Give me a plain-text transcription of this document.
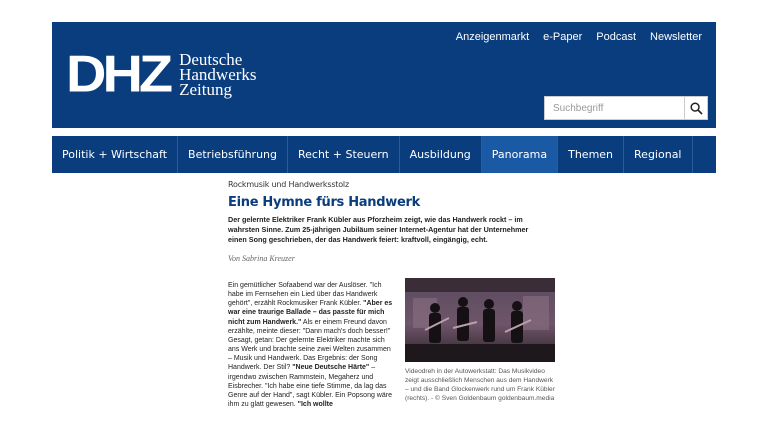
DHZ Deutsche
Handwerks
Zeitung
Anzeigenmarkt e-Paper Podcast Newsletter
Suchbegriff
Politik + Wirtschaft	Betriebsführung	Recht + Steuern	Ausbildung	Panorama	Themen	Regional
Rockmusik und Handwerksstolz
Eine Hymne fürs Handwerk

Der gelernte Elektriker Frank Kübler aus Pforzheim zeigt, wie das Handwerk rockt – im wahrsten Sinne. Zum 25-jährigen Jubiläum seiner Internet-Agentur hat der Unternehmer einen Song geschrieben, der das Handwerk feiert: kraftvoll, eingängig, echt.

Von Sabrina Kreuzer
Ein gemütlicher Sofaabend war der Auslöser. "Ich habe im Fernsehen ein Lied über das Handwerk gehört", erzählt Rockmusiker Frank Kübler. "Aber es war eine traurige Ballade – das passte für mich nicht zum Handwerk." Als er einem Freund davon erzählte, meinte dieser: "Dann mach's doch besser!" Gesagt, getan: Der gelernte Elektriker machte sich ans Werk und brachte seine zwei Welten zusammen – Musik und Handwerk. Das Ergebnis: der Song Handwerk. Der Stil? "Neue Deutsche Härte" – irgendwo zwischen Rammstein, Megaherz und Eisbrecher. "Ich habe eine tiefe Stimme, da lag das Genre auf der Hand", sagt Kübler. Ein Popsong wäre ihm zu glatt gewesen. "Ich wollte
Videodreh in der Autowerkstatt: Das Musikvideo zeigt ausschließlich Menschen aus dem Handwerk – und die Band Glockenwerk rund um Frank Kübler (rechts). - © Sven Goldenbaum goldenbaum.media
